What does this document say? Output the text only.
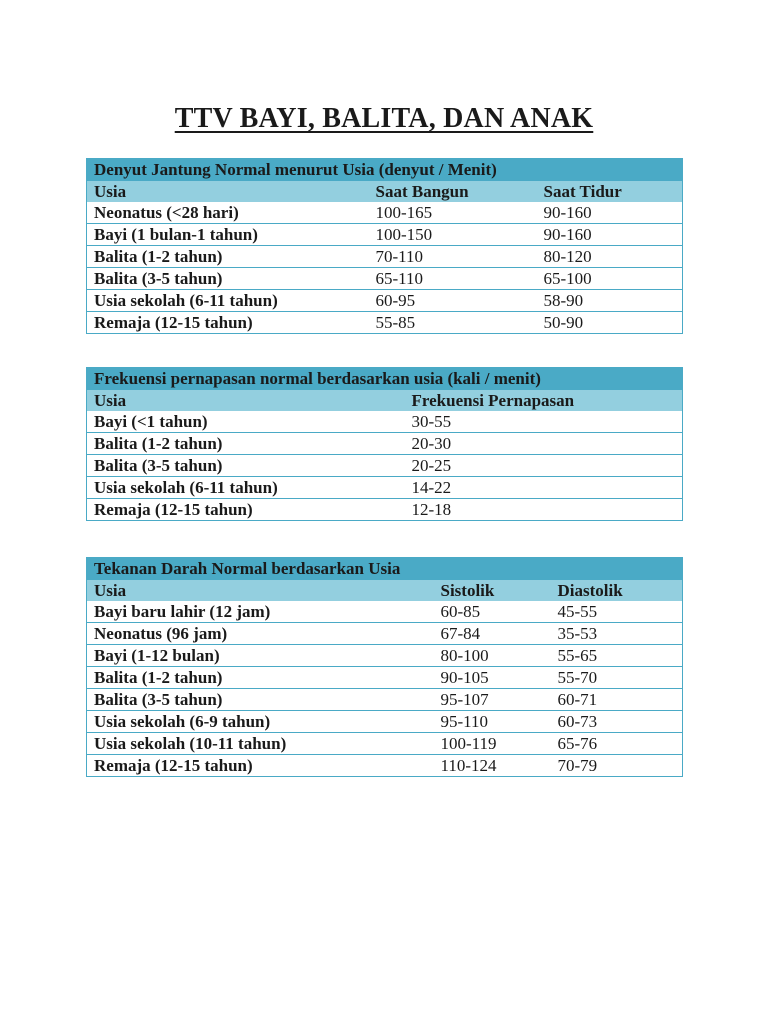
TTV BAYI, BALITA, DAN ANAK
Denyut Jantung Normal menurut Usia (denyut / Menit)		
Usia	Saat Bangun	Saat Tidur
Neonatus (<28 hari)	100-165	90-160
Bayi (1 bulan-1 tahun)	100-150	90-160
Balita (1-2 tahun)	70-110	80-120
Balita (3-5 tahun)	65-110	65-100
Usia sekolah (6-11 tahun)	60-95	58-90
Remaja (12-15 tahun)	55-85	50-90
Frekuensi pernapasan normal berdasarkan usia (kali / menit)	
Usia	Frekuensi Pernapasan
Bayi (<1 tahun)	30-55
Balita (1-2 tahun)	20-30
Balita (3-5 tahun)	20-25
Usia sekolah (6-11 tahun)	14-22
Remaja (12-15 tahun)	12-18
Tekanan Darah Normal berdasarkan Usia		
Usia	Sistolik	Diastolik
Bayi baru lahir (12 jam)	60-85	45-55
Neonatus (96 jam)	67-84	35-53
Bayi (1-12 bulan)	80-100	55-65
Balita (1-2 tahun)	90-105	55-70
Balita (3-5 tahun)	95-107	60-71
Usia sekolah (6-9 tahun)	95-110	60-73
Usia sekolah (10-11 tahun)	100-119	65-76
Remaja (12-15 tahun)	110-124	70-79
